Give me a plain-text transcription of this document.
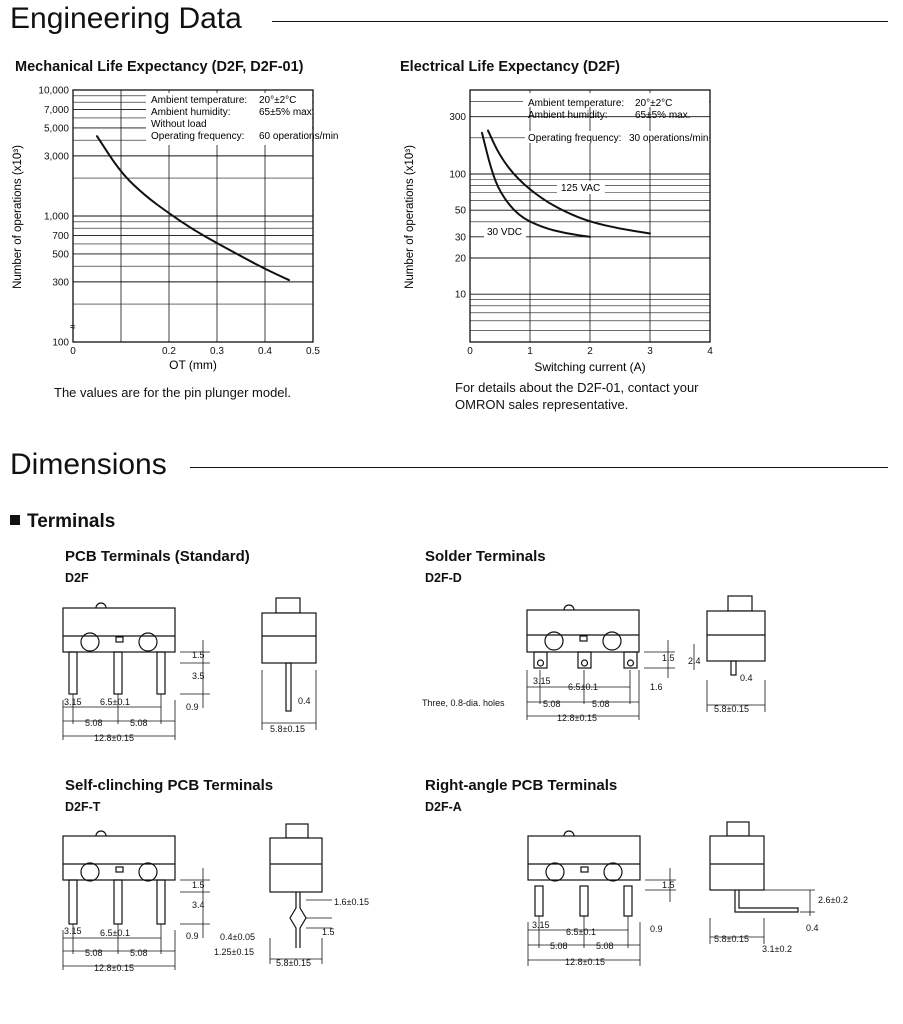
Engineering Data
Mechanical Life Expectancy (D2F, D2F-01)	Electrical Life Expectancy (D2F)
100
300
500
700
1,000
3,000
5,000
7,000
10,000
0	0.2	0.3	0.4	0.5
Ambient temperature:
Ambient humidity:
Without load
Operating frequency:
20°±2°C
65±5% max.
60 operations/min
≈
OT (mm)
Number of operations (x10³)
The values are for the pin plunger model.
10
20
30
50
100
300
0	1	2	3	4
Ambient temperature:
Ambient humidity:
Operating frequency:
20°±2°C
65±5% max.
30 operations/min
125 VAC
30 VDC
Switching current (A)
Number of operations (x10³)
For details about the D2F-01, contact your
OMRON sales representative.
Dimensions
Terminals
PCB Terminals (Standard)
D2F
Solder Terminals
D2F-D
Self-clinching PCB Terminals
D2F-T
Right-angle PCB Terminals
D2F-A
1.5
3.5
3.15 6.5±0.1	0.9
5.08	5.08
12.8±0.15
0.4
5.8±0.15
1.5 2.4
3.15
6.5±0.1	1.6
Three, 0.8-dia. holes	5.08	5.08
12.8±0.15
0.4
5.8±0.15
1.5
3.4
3.15 6.5±0.1	0.9
5.08	5.08
12.8±0.15
1.6±0.15
0.4±0.05	1.5
1.25±0.15
5.8±0.15
1.5
3.15
6.5±0.1	0.9
5.08	5.08
12.8±0.15
2.6±0.2
0.4
5.8±0.15
3.1±0.2
